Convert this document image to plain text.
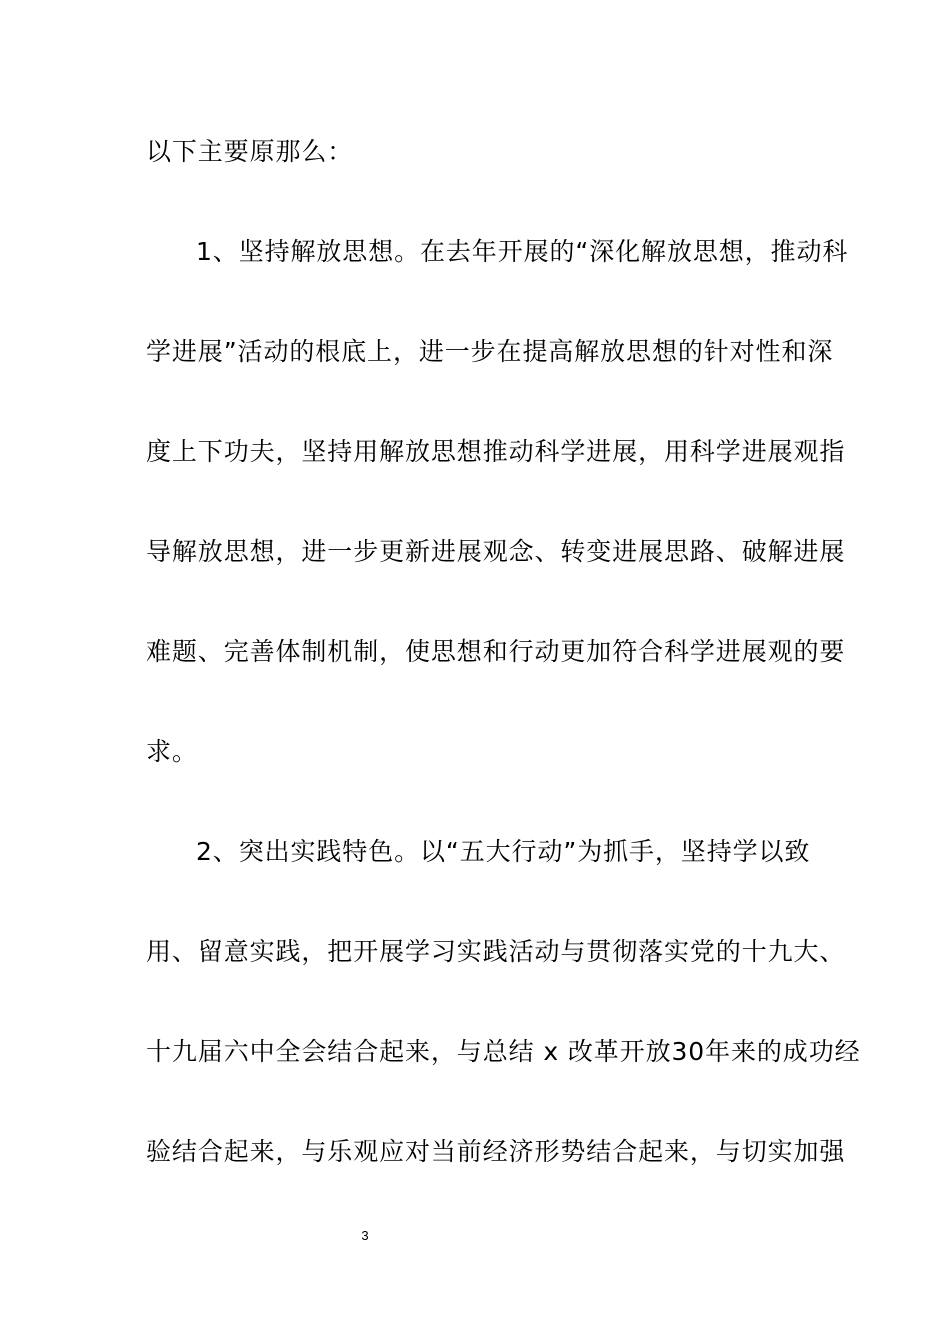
以下主要原那么：
1、坚持解放思想。在去年开展的“深化解放思想，推动科
学进展”活动的根底上，进一步在提高解放思想的针对性和深
度上下功夫，坚持用解放思想推动科学进展，用科学进展观指
导解放思想，进一步更新进展观念、转变进展思路、破解进展
难题、完善体制机制，使思想和行动更加符合科学进展观的要
求。
2、突出实践特色。以“五大行动”为抓手，坚持学以致
用、留意实践，把开展学习实践活动与贯彻落实党的十九大、
十九届六中全会结合起来，与总结 x 改革开放30年来的成功经
验结合起来，与乐观应对当前经济形势结合起来，与切实加强
3
